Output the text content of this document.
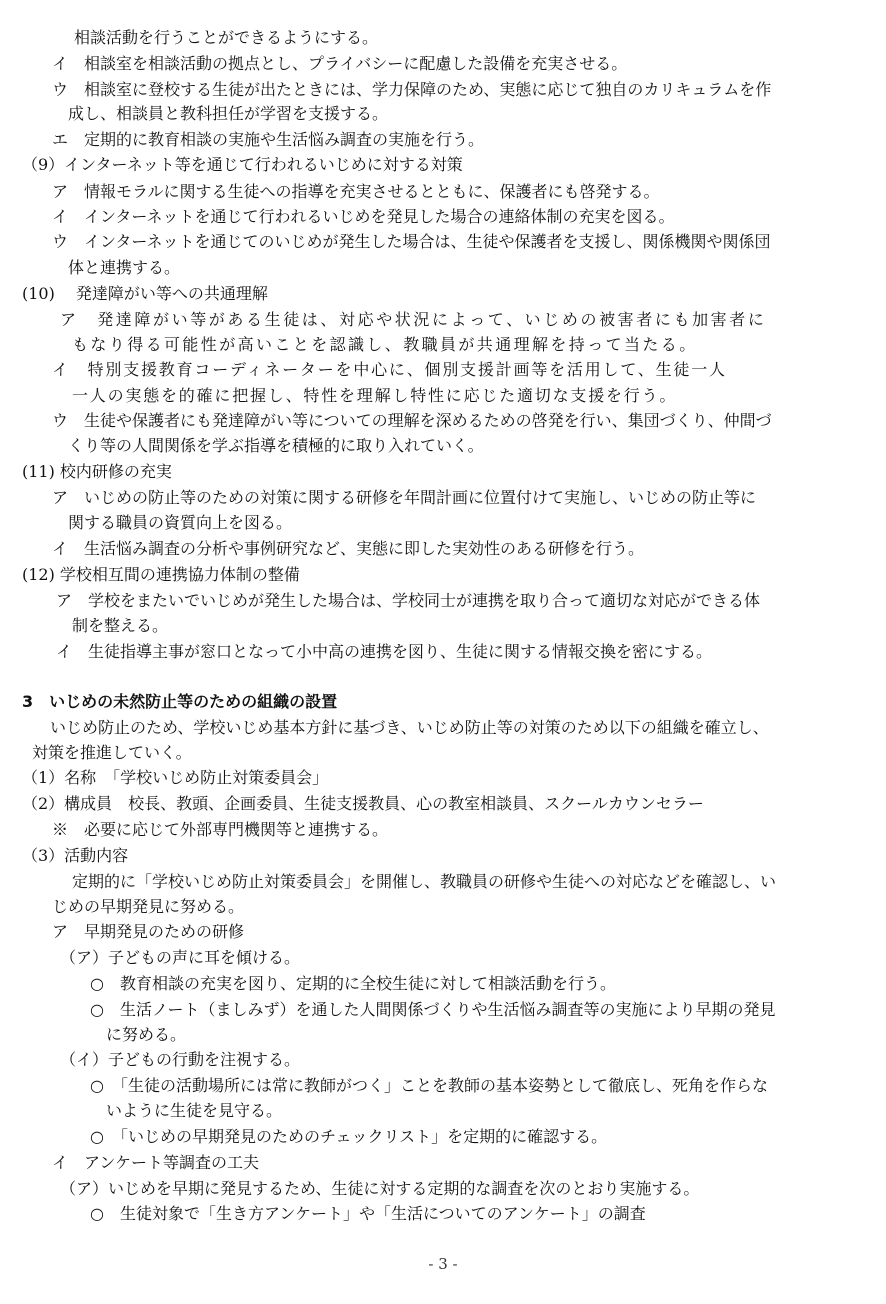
相談活動を行うことができるようにする。
イ　相談室を相談活動の拠点とし、プライバシーに配慮した設備を充実させる。
ウ　相談室に登校する生徒が出たときには、学力保障のため、実態に応じて独自のカリキュラムを作
成し、相談員と教科担任が学習を支援する。
エ　定期的に教育相談の実施や生活悩み調査の実施を行う。
（9）インターネット等を通じて行われるいじめに対する対策
ア　情報モラルに関する生徒への指導を充実させるとともに、保護者にも啓発する。
イ　インターネットを通じて行われるいじめを発見した場合の連絡体制の充実を図る。
ウ　インターネットを通じてのいじめが発生した場合は、生徒や保護者を支援し、関係機関や関係団
体と連携する。
(10)　 発達障がい等への共通理解
ア　発達障がい等がある生徒は、対応や状況によって、いじめの被害者にも加害者に
もなり得る可能性が高いことを認識し、教職員が共通理解を持って当たる。
イ　特別支援教育コーディネーターを中心に、個別支援計画等を活用して、生徒一人
一人の実態を的確に把握し、特性を理解し特性に応じた適切な支援を行う。
ウ　生徒や保護者にも発達障がい等についての理解を深めるための啓発を行い、集団づくり、仲間づ
くり等の人間関係を学ぶ指導を積極的に取り入れていく。
(11) 校内研修の充実
ア　いじめの防止等のための対策に関する研修を年間計画に位置付けて実施し、いじめの防止等に
関する職員の資質向上を図る。
イ　生活悩み調査の分析や事例研究など、実態に即した実効性のある研修を行う。
(12) 学校相互間の連携協力体制の整備
ア　学校をまたいでいじめが発生した場合は、学校同士が連携を取り合って適切な対応ができる体
制を整える。
イ　生徒指導主事が窓口となって小中高の連携を図り、生徒に関する情報交換を密にする。
3　いじめの未然防止等のための組織の設置
いじめ防止のため、学校いじめ基本方針に基づき、いじめ防止等の対策のため以下の組織を確立し、
対策を推進していく。
（1）名称　「学校いじめ防止対策委員会」
（2）構成員　校長、教頭、企画委員、生徒支援教員、心の教室相談員、スクールカウンセラー
※　必要に応じて外部専門機関等と連携する。
（3）活動内容
定期的に「学校いじめ防止対策委員会」を開催し、教職員の研修や生徒への対応などを確認し、い
じめの早期発見に努める。
ア　早期発見のための研修
（ア）子どもの声に耳を傾ける。
○　教育相談の充実を図り、定期的に全校生徒に対して相談活動を行う。
○　生活ノート（ましみず）を通した人間関係づくりや生活悩み調査等の実施により早期の発見
に努める。
（イ）子どもの行動を注視する。
○　「生徒の活動場所には常に教師がつく」ことを教師の基本姿勢として徹底し、死角を作らな
いように生徒を見守る。
○　「いじめの早期発見のためのチェックリスト」を定期的に確認する。
イ　アンケート等調査の工夫
（ア）いじめを早期に発見するため、生徒に対する定期的な調査を次のとおり実施する。
○　生徒対象で「生き方アンケート」や「生活についてのアンケート」の調査
- 3 -
